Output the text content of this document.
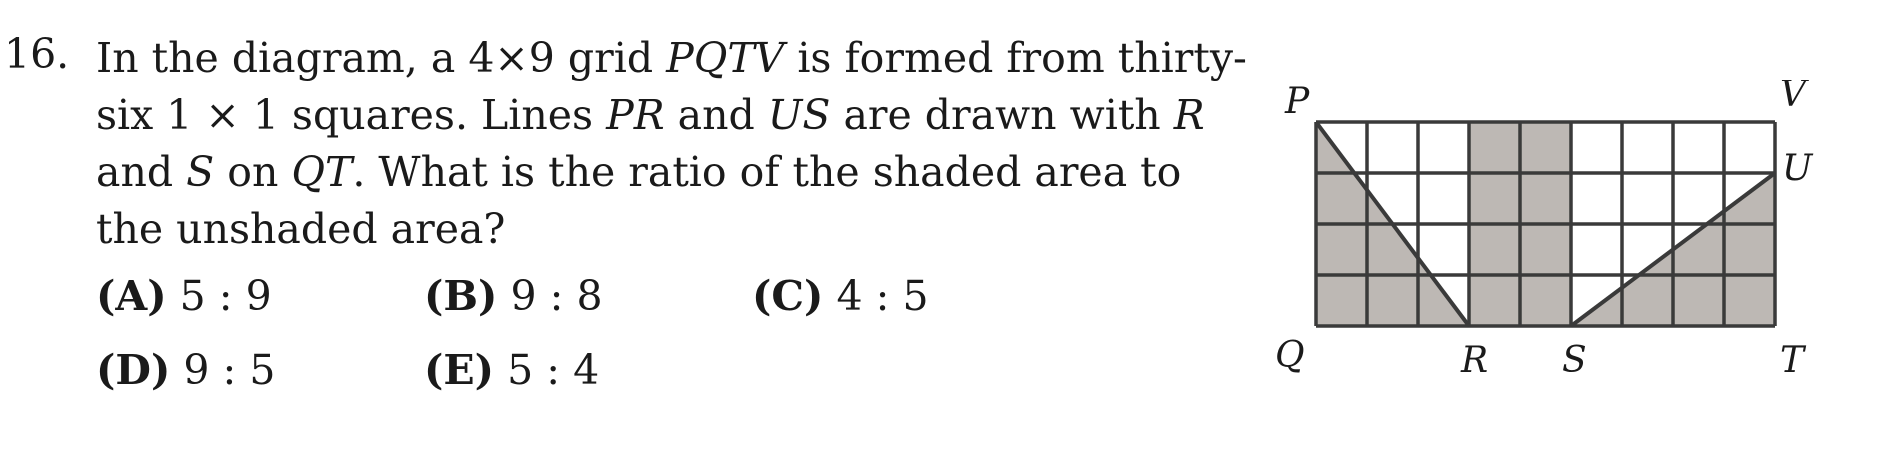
16. In the diagram, a 4×9 grid PQTV is formed from thirty-
six 1 × 1 squares. Lines PR and US are drawn with R
and S on QT. What is the ratio of the shaded area to
the unshaded area?
(A) 5 : 9	(B) 9 : 8	(C) 4 : 5
(D) 9 : 5	(E) 5 : 4
P
Q	R S	T
U
V
